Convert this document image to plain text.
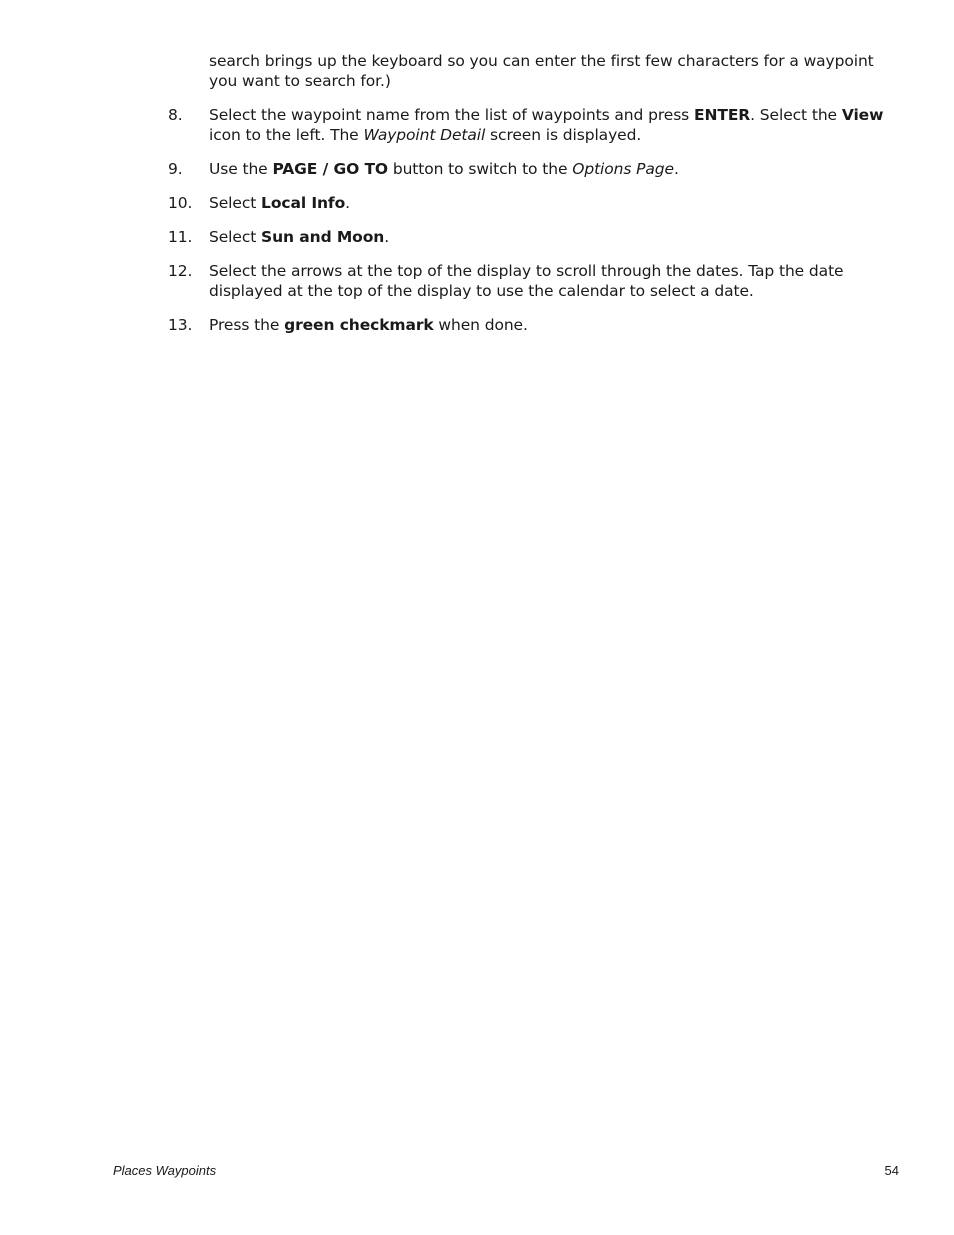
search brings up the keyboard so you can enter the first few characters for a waypoint you want to search for.)

8. Select the waypoint name from the list of waypoints and press ENTER. Select the View icon to the left. The Waypoint Detail screen is displayed.
9. Use the PAGE / GO TO button to switch to the Options Page.
10. Select Local Info.
11. Select Sun and Moon.
12. Select the arrows at the top of the display to scroll through the dates. Tap the date displayed at the top of the display to use the calendar to select a date.
13. Press the green checkmark when done.
Places Waypoints	54
